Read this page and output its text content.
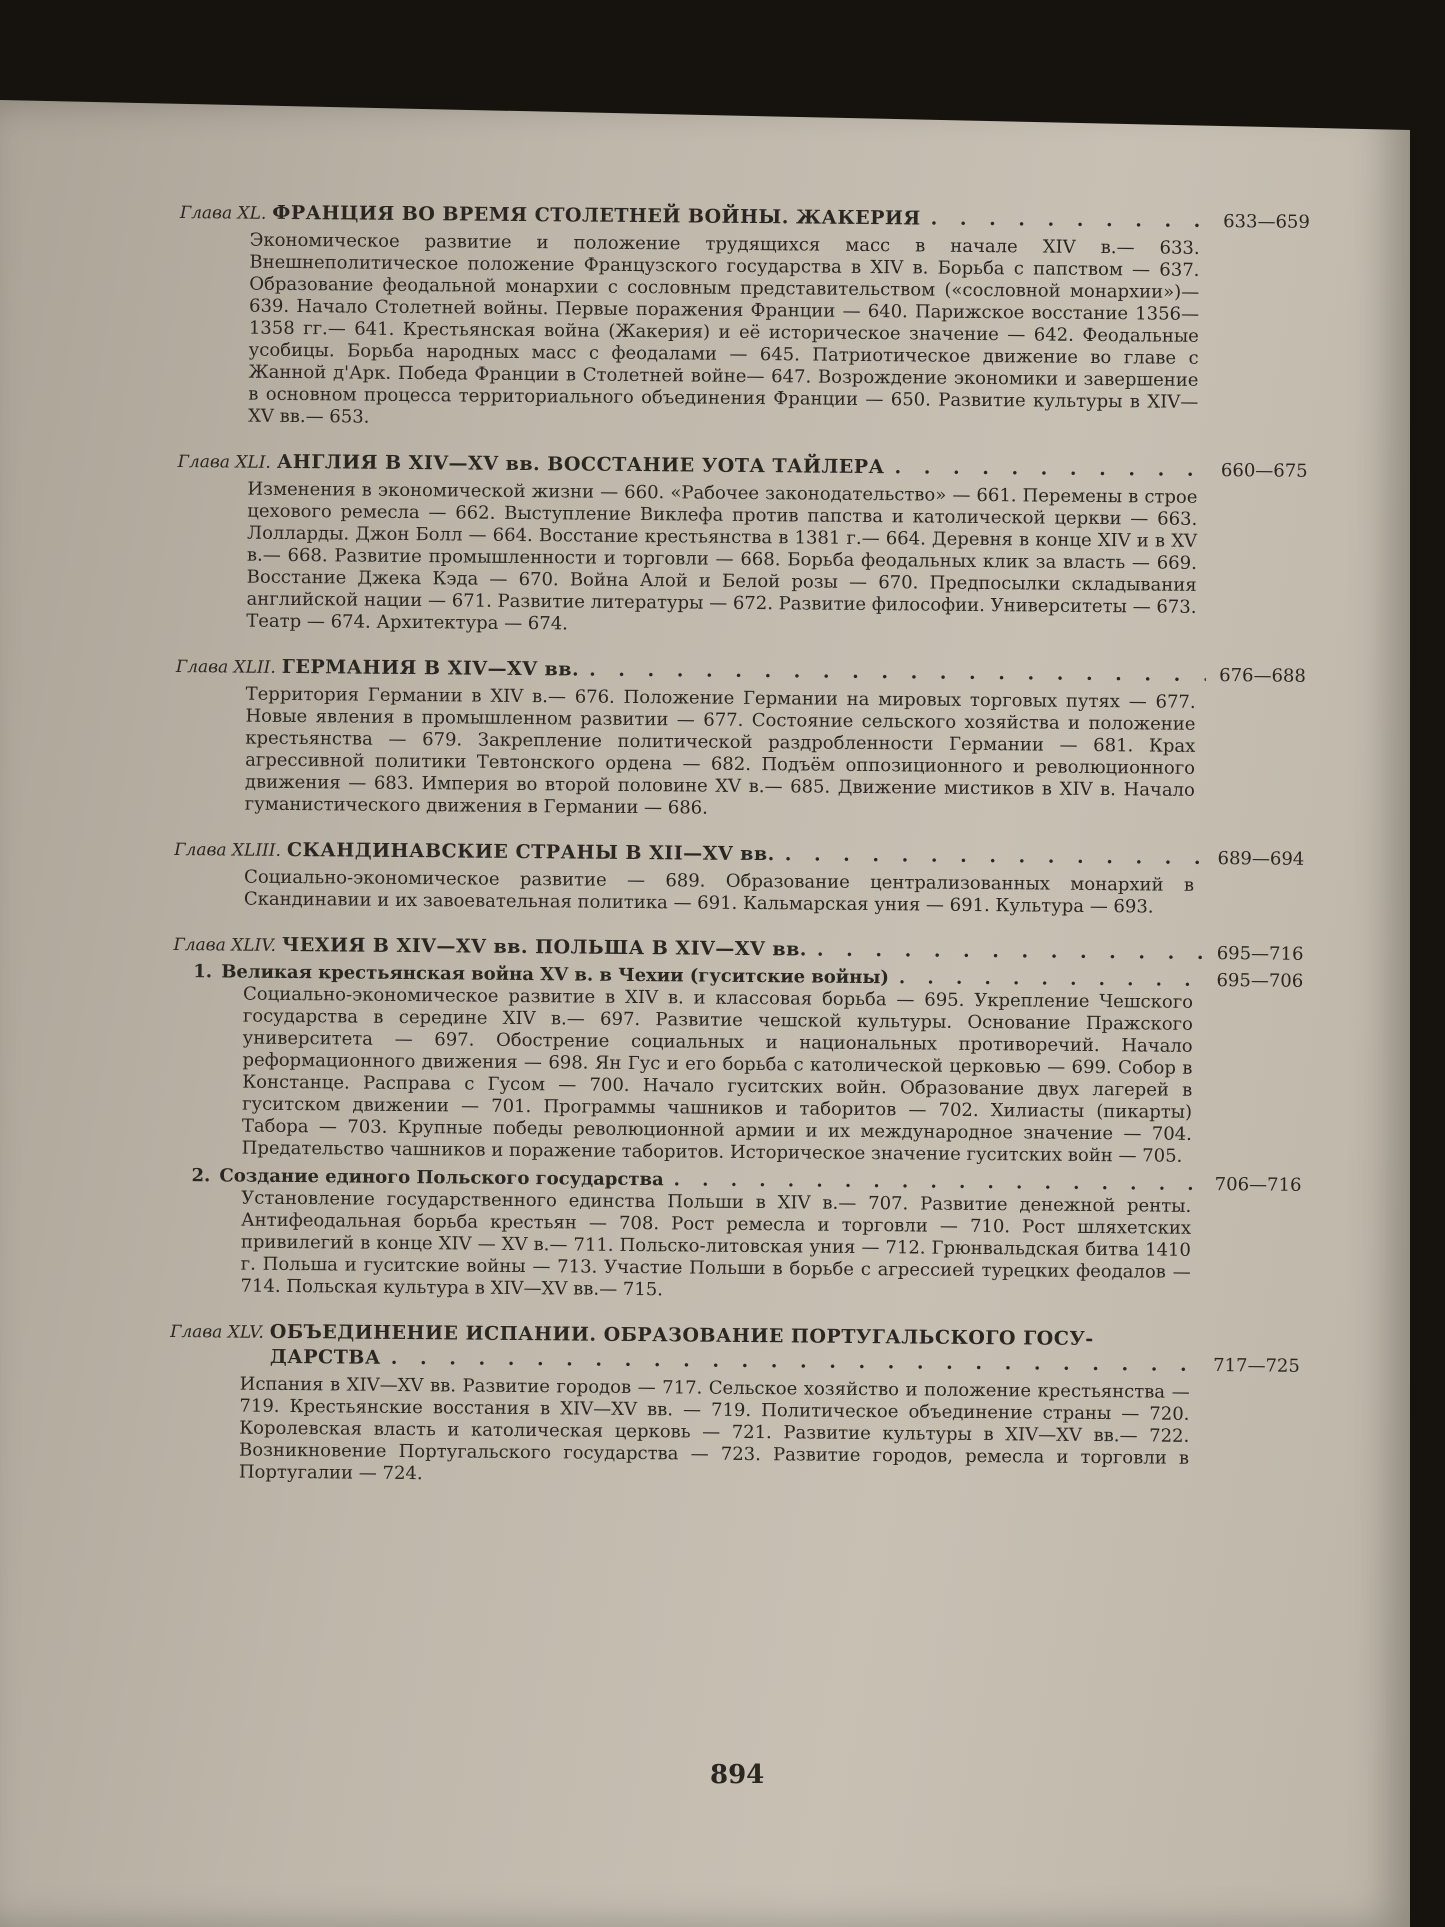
Глава XL. ФРАНЦИЯ ВО ВРЕМЯ СТОЛЕТНЕЙ ВОЙНЫ. ЖАКЕРИЯ . . .	633—659
Экономическое развитие и положение трудящихся масс в начале XIV в.— 633. Внешнеполитическое положение Французского государства в XIV в. Борьба с папством — 637. Образование феодальной монархии с сословным представительством («сословной монархии»)— 639. Начало Столетней войны. Первые поражения Франции — 640. Парижское восстание 1356—1358 гг.— 641. Крестьянская война (Жакерия) и её историческое значение — 642. Феодальные усобицы. Борьба народных масс с феодалами — 645. Патриотическое движение во главе с Жанной д'Арк. Победа Франции в Столетней войне— 647. Возрождение экономики и завершение в основном процесса территориального объединения Франции — 650. Развитие культуры в XIV—XV вв.— 653.
Глава XLI. АНГЛИЯ В XIV—XV вв. ВОССТАНИЕ УОТА ТАЙЛЕРА . . .	660—675
Изменения в экономической жизни — 660. «Рабочее законодательство» — 661. Перемены в строе цехового ремесла — 662. Выступление Виклефа против папства и католической церкви — 663. Лолларды. Джон Болл — 664. Восстание крестьянства в 1381 г.— 664. Деревня в конце XIV и в XV в.— 668. Развитие промышленности и торговли — 668. Борьба феодальных клик за власть — 669. Восстание Джека Кэда — 670. Война Алой и Белой розы — 670. Предпосылки складывания английской нации — 671. Развитие литературы — 672. Развитие философии. Университеты — 673. Театр — 674. Архитектура — 674.
Глава XLII. ГЕРМАНИЯ В XIV—XV вв. . . .	676—688
Территория Германии в XIV в.— 676. Положение Германии на мировых торговых путях — 677. Новые явления в промышленном развитии — 677. Состояние сельского хозяйства и положение крестьянства — 679. Закрепление политической раздробленности Германии — 681. Крах агрессивной политики Тевтонского ордена — 682. Подъём оппозиционного и революционного движения — 683. Империя во второй половине XV в.— 685. Движение мистиков в XIV в. Начало гуманистического движения в Германии — 686.
Глава XLIII. СКАНДИНАВСКИЕ СТРАНЫ В XII—XV вв. . . .	689—694
Социально-экономическое развитие — 689. Образование централизованных монархий в Скандинавии и их завоевательная политика — 691. Кальмарская уния — 691. Культура — 693.
Глава XLIV. ЧЕХИЯ В XIV—XV вв. ПОЛЬША В XIV—XV вв. . . .	695—716
1. Великая крестьянская война XV в. в Чехии (гуситские войны) . . .	695—706
Социально-экономическое развитие в XIV в. и классовая борьба — 695. Укрепление Чешского государства в середине XIV в.— 697. Развитие чешской культуры. Основание Пражского университета — 697. Обострение социальных и национальных противоречий. Начало реформационного движения — 698. Ян Гус и его борьба с католической церковью — 699. Собор в Констанце. Расправа с Гусом — 700. Начало гуситских войн. Образование двух лагерей в гуситском движении — 701. Программы чашников и таборитов — 702. Хилиасты (пикарты) Табора — 703. Крупные победы революционной армии и их международное значение — 704. Предательство чашников и поражение таборитов. Историческое значение гуситских войн — 705.
2. Создание единого Польского государства . . .	706—716
Установление государственного единства Польши в XIV в.— 707. Развитие денежной ренты. Антифеодальная борьба крестьян — 708. Рост ремесла и торговли — 710. Рост шляхетских привилегий в конце XIV — XV в.— 711. Польско-литовская уния — 712. Грюнвальдская битва 1410 г. Польша и гуситские войны — 713. Участие Польши в борьбе с агрессией турецких феодалов — 714. Польская культура в XIV—XV вв.— 715.
Глава XLV. ОБЪЕДИНЕНИЕ ИСПАНИИ. ОБРАЗОВАНИЕ ПОРТУГАЛЬСКОГО ГОСУ-
ДАРСТВА . . .	717—725
Испания в XIV—XV вв. Развитие городов — 717. Сельское хозяйство и положение крестьянства — 719. Крестьянские восстания в XIV—XV вв. — 719. Политическое объединение страны — 720. Королевская власть и католическая церковь — 721. Развитие культуры в XIV—XV вв.— 722. Возникновение Португальского государства — 723. Развитие городов, ремесла и торговли в Португалии — 724.
894
